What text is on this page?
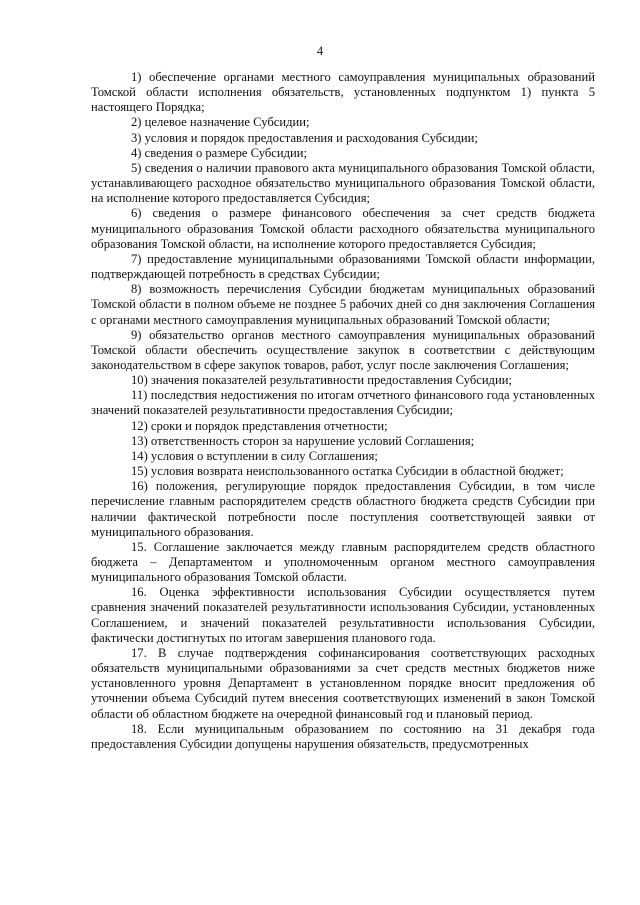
4

1) обеспечение органами местного самоуправления муниципальных образований Томской области исполнения обязательств, установленных подпунктом 1) пункта 5 настоящего Порядка;

2) целевое назначение Субсидии;

3) условия и порядок предоставления и расходования Субсидии;

4) сведения о размере Субсидии;

5) сведения о наличии правового акта муниципального образования Томской области, устанавливающего расходное обязательство муниципального образования Томской области, на исполнение которого предоставляется Субсидия;

6) сведения о размере финансового обеспечения за счет средств бюджета муниципального образования Томской области расходного обязательства муниципального образования Томской области, на исполнение которого предоставляется Субсидия;

7) предоставление муниципальными образованиями Томской области информации, подтверждающей потребность в средствах Субсидии;

8) возможность перечисления Субсидии бюджетам муниципальных образований Томской области в полном объеме не позднее 5 рабочих дней со дня заключения Соглашения с органами местного самоуправления муниципальных образований Томской области;

9) обязательство органов местного самоуправления муниципальных образований Томской области обеспечить осуществление закупок в соответствии с действующим законодательством в сфере закупок товаров, работ, услуг после заключения Соглашения;

10) значения показателей результативности предоставления Субсидии;

11) последствия недостижения по итогам отчетного финансового года установленных значений показателей результативности предоставления Субсидии;

12) сроки и порядок представления отчетности;

13) ответственность сторон за нарушение условий Соглашения;

14) условия о вступлении в силу Соглашения;

15) условия возврата неиспользованного остатка Субсидии в областной бюджет;

16) положения, регулирующие порядок предоставления Субсидии, в том числе перечисление главным распорядителем средств областного бюджета средств Субсидии при наличии фактической потребности после поступления соответствующей заявки от муниципального образования.

15. Соглашение заключается между главным распорядителем средств областного бюджета – Департаментом и уполномоченным органом местного самоуправления муниципального образования Томской области.

16. Оценка эффективности использования Субсидии осуществляется путем сравнения значений показателей результативности использования Субсидии, установленных Соглашением, и значений показателей результативности использования Субсидии, фактически достигнутых по итогам завершения планового года.

17. В случае подтверждения софинансирования соответствующих расходных обязательств муниципальными образованиями за счет средств местных бюджетов ниже установленного уровня Департамент в установленном порядке вносит предложения об уточнении объема Субсидий путем внесения соответствующих изменений в закон Томской области об областном бюджете на очередной финансовый год и плановый период.

18. Если муниципальным образованием по состоянию на 31 декабря года предоставления Субсидии допущены нарушения обязательств, предусмотренных
